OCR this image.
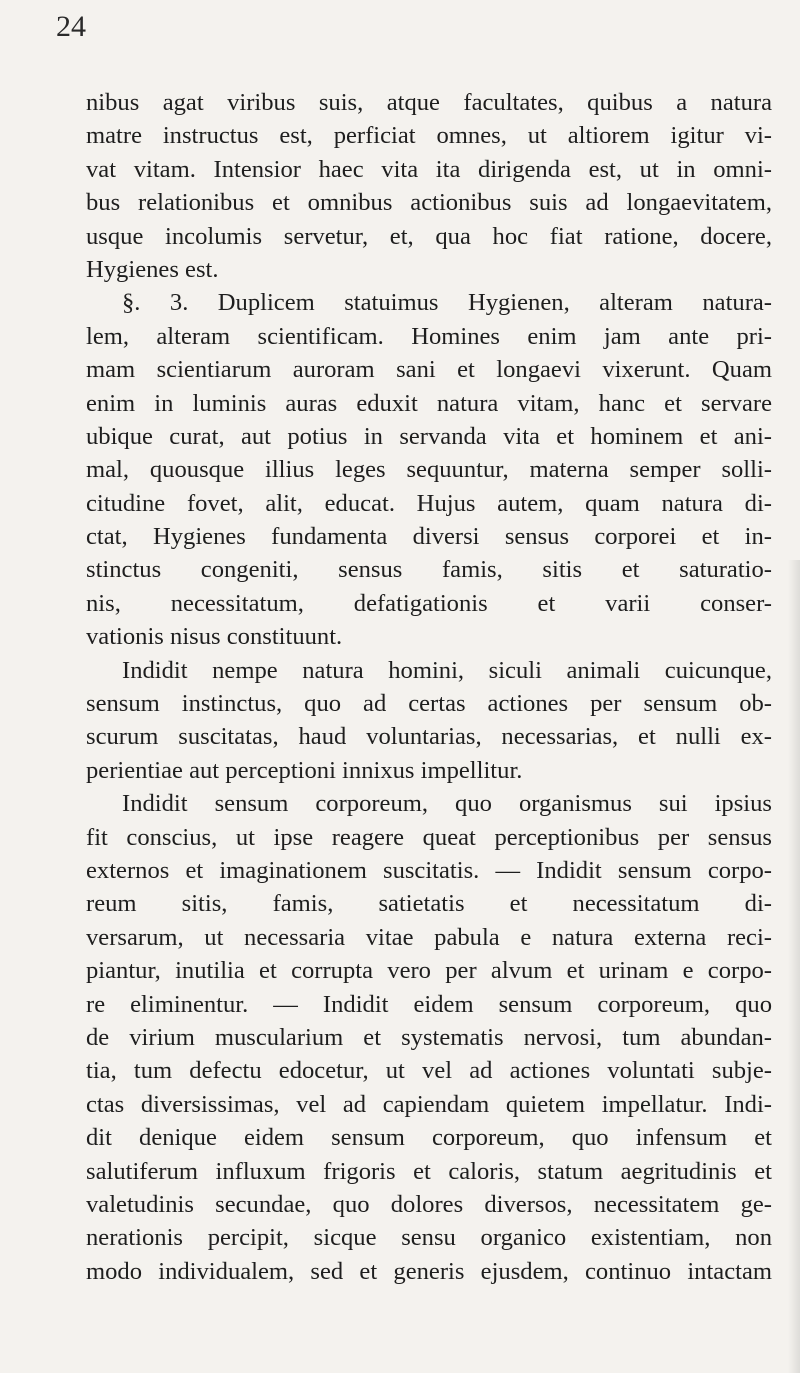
24
nibus agat viribus suis, atque facultates, quibus a natura
matre instructus est, perficiat omnes, ut altiorem igitur vi-
vat vitam. Intensior haec vita ita dirigenda est, ut in omni-
bus relationibus et omnibus actionibus suis ad longaevitatem,
usque incolumis servetur, et, qua hoc fiat ratione, docere,
Hygienes est.
§. 3. Duplicem statuimus Hygienen, alteram natura-
lem, alteram scientificam. Homines enim jam ante pri-
mam scientiarum auroram sani et longaevi vixerunt. Quam
enim in luminis auras eduxit natura vitam, hanc et servare
ubique curat, aut potius in servanda vita et hominem et ani-
mal, quousque illius leges sequuntur, materna semper solli-
citudine fovet, alit, educat. Hujus autem, quam natura di-
ctat, Hygienes fundamenta diversi sensus corporei et in-
stinctus congeniti, sensus famis, sitis et saturatio-
nis, necessitatum, defatigationis et varii conser-
vationis nisus constituunt.
Indidit nempe natura homini, siculi animali cuicunque,
sensum instinctus, quo ad certas actiones per sensum ob-
scurum suscitatas, haud voluntarias, necessarias, et nulli ex-
perientiae aut perceptioni innixus impellitur.
Indidit sensum corporeum, quo organismus sui ipsius
fit conscius, ut ipse reagere queat perceptionibus per sensus
externos et imaginationem suscitatis. — Indidit sensum corpo-
reum sitis, famis, satietatis et necessitatum di-
versarum, ut necessaria vitae pabula e natura externa reci-
piantur, inutilia et corrupta vero per alvum et urinam e corpo-
re eliminentur. — Indidit eidem sensum corporeum, quo
de virium muscularium et systematis nervosi, tum abundan-
tia, tum defectu edocetur, ut vel ad actiones voluntati subje-
ctas diversissimas, vel ad capiendam quietem impellatur. Indi-
dit denique eidem sensum corporeum, quo infensum et
salutiferum influxum frigoris et caloris, statum aegritudinis et
valetudinis secundae, quo dolores diversos, necessitatem ge-
nerationis percipit, sicque sensu organico existentiam, non
modo individualem, sed et generis ejusdem, continuo intactam
